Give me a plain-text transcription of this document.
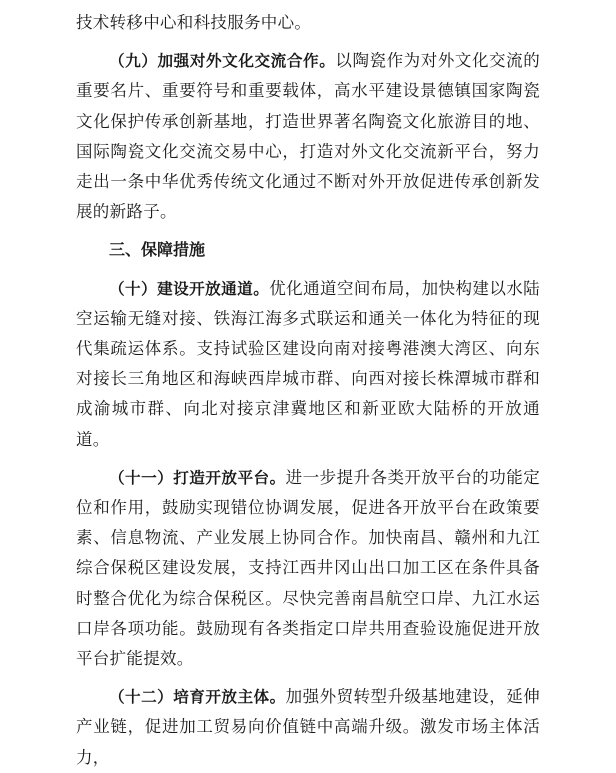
技术转移中心和科技服务中心。

（九）加强对外文化交流合作。以陶瓷作为对外文化交流的重要名片、重要符号和重要载体，高水平建设景德镇国家陶瓷文化保护传承创新基地，打造世界著名陶瓷文化旅游目的地、国际陶瓷文化交流交易中心，打造对外文化交流新平台，努力走出一条中华优秀传统文化通过不断对外开放促进传承创新发展的新路子。

三、保障措施

（十）建设开放通道。优化通道空间布局，加快构建以水陆空运输无缝对接、铁海江海多式联运和通关一体化为特征的现代集疏运体系。支持试验区建设向南对接粤港澳大湾区、向东对接长三角地区和海峡西岸城市群、向西对接长株潭城市群和成渝城市群、向北对接京津冀地区和新亚欧大陆桥的开放通道。

（十一）打造开放平台。进一步提升各类开放平台的功能定位和作用，鼓励实现错位协调发展，促进各开放平台在政策要素、信息物流、产业发展上协同合作。加快南昌、赣州和九江综合保税区建设发展，支持江西井冈山出口加工区在条件具备时整合优化为综合保税区。尽快完善南昌航空口岸、九江水运口岸各项功能。鼓励现有各类指定口岸共用查验设施促进开放平台扩能提效。

（十二）培育开放主体。加强外贸转型升级基地建设，延伸产业链，促进加工贸易向价值链中高端升级。激发市场主体活力，
